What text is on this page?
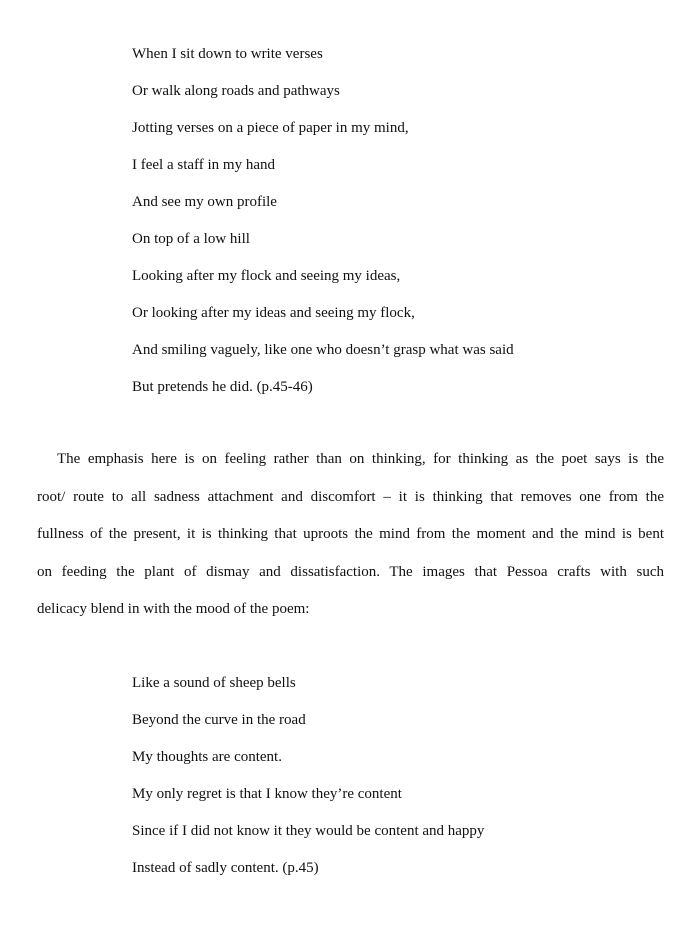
When I sit down to write verses
Or walk along roads and pathways
Jotting verses on a piece of paper in my mind,
I feel a staff in my hand
And see my own profile
On top of a low hill
Looking after my flock and seeing my ideas,
Or looking after my ideas and seeing my flock,
And smiling vaguely, like one who doesn’t grasp what was said
But pretends he did. (p.45-46)
The emphasis here is on feeling rather than on thinking, for thinking as the poet says is the
root/ route to all sadness attachment and discomfort – it is thinking that removes one from the
fullness of the present, it is thinking that uproots the mind from the moment and the mind is bent
on feeding the plant of dismay and dissatisfaction. The images that Pessoa crafts with such
delicacy blend in with the mood of the poem:
Like a sound of sheep bells
Beyond the curve in the road
My thoughts are content.
My only regret is that I know they’re content
Since if I did not know it they would be content and happy
Instead of sadly content. (p.45)
